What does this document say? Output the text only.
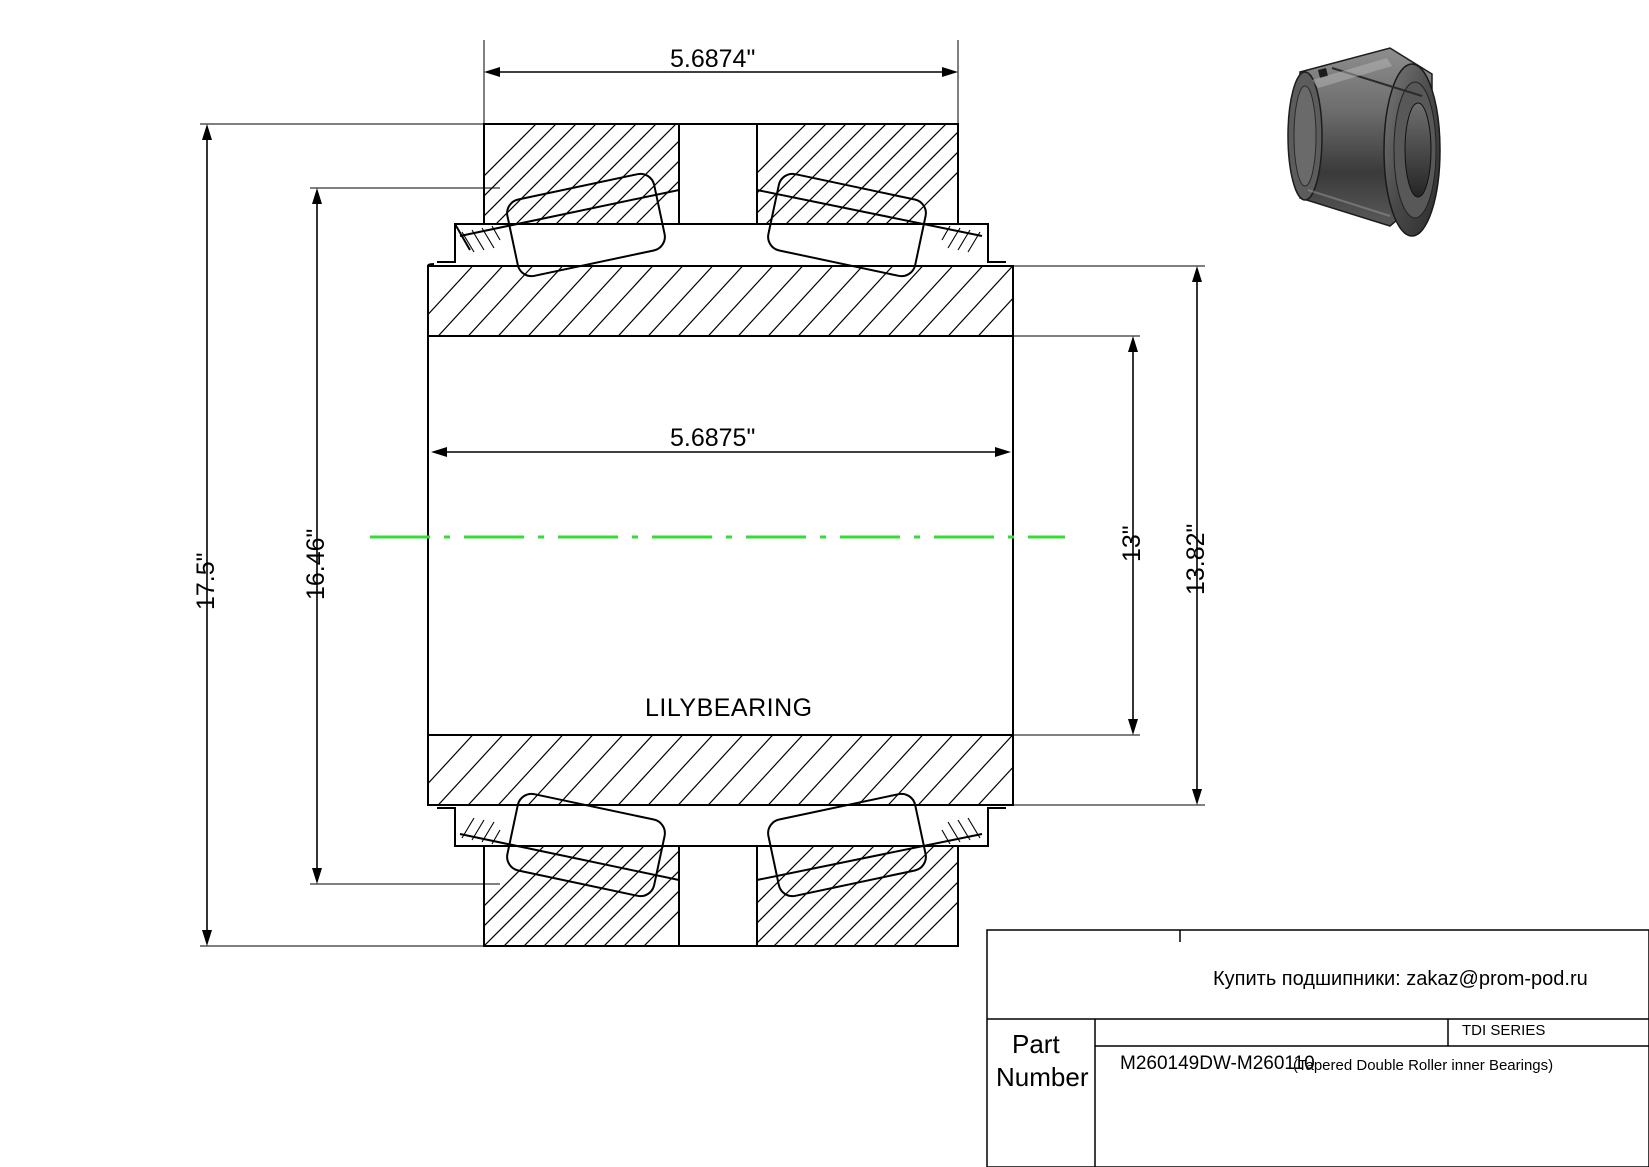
5.6874"
5.6875"
17.5"	16.46"	13" 13.82"
LILYBEARING
Купить подшипники: zakaz@prom-pod.ru
TDI SERIES
Part
Number M260149DW-M260110
(Tapered Double Roller inner Bearings)
